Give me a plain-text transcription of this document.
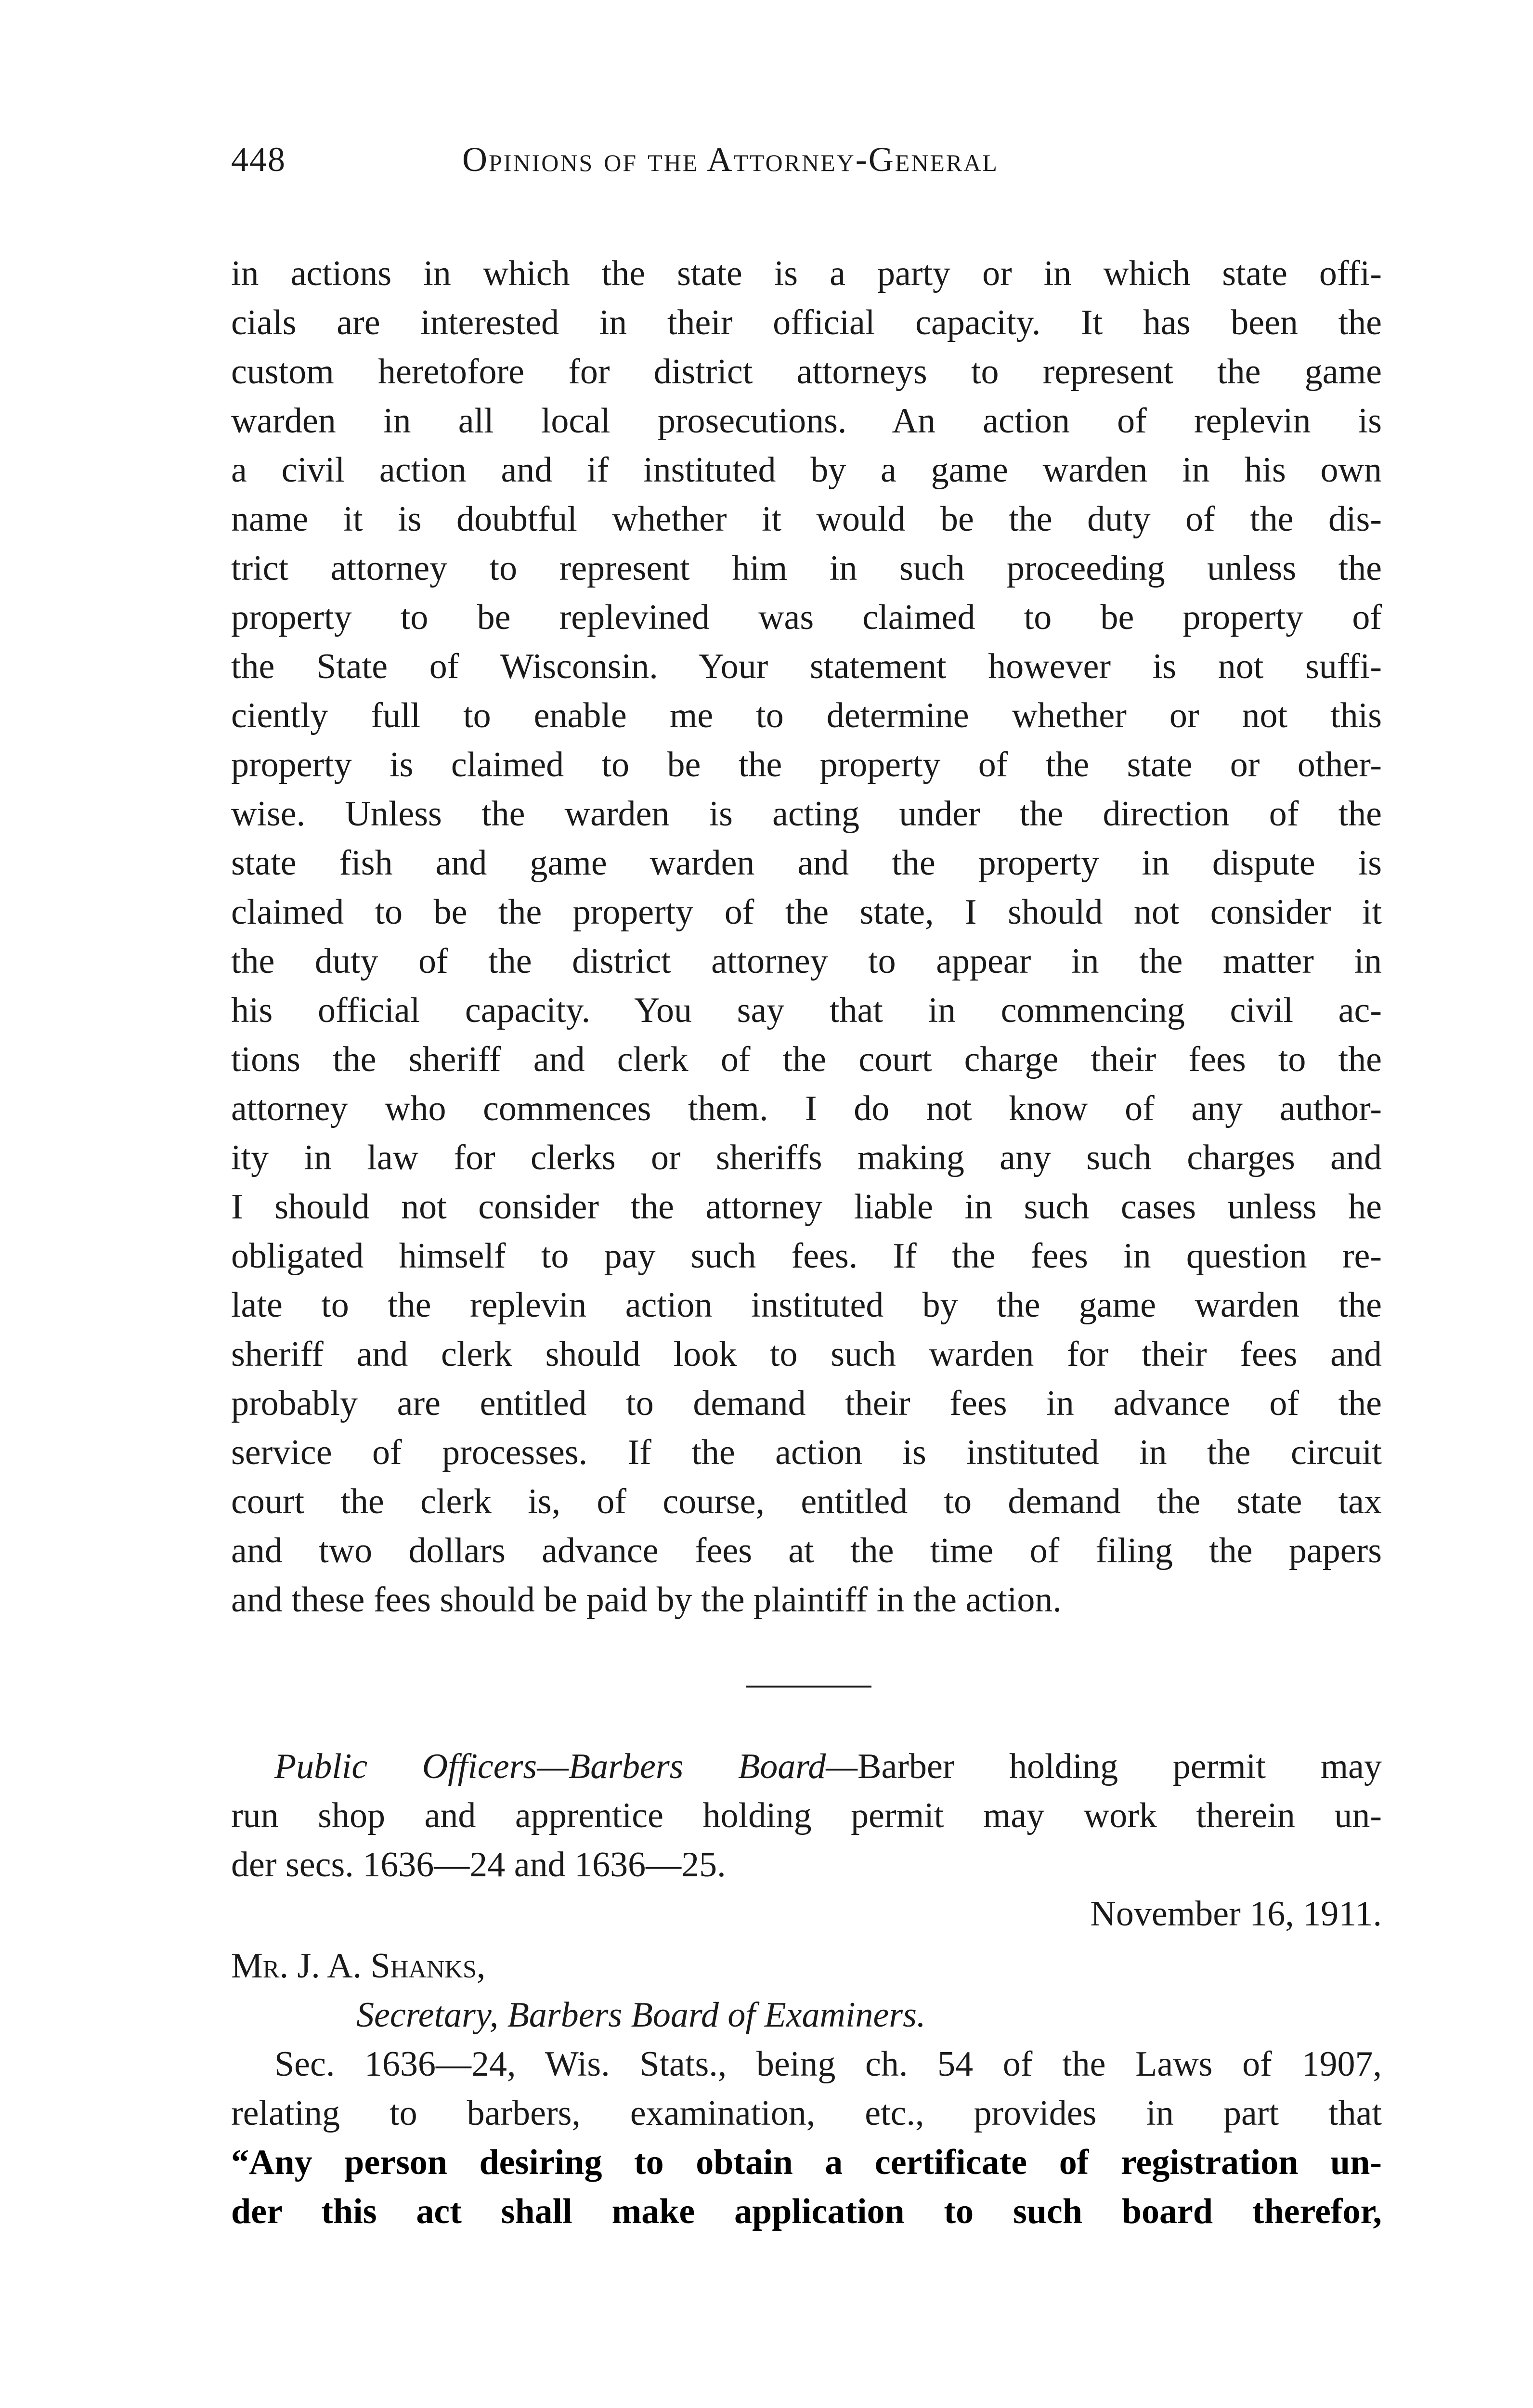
448	Opinions of the Attorney-General
in actions in which the state is a party or in which state offi-
cials are interested in their official capacity. It has been the
custom heretofore for district attorneys to represent the game
warden in all local prosecutions. An action of replevin is
a civil action and if instituted by a game warden in his own
name it is doubtful whether it would be the duty of the dis-
trict attorney to represent him in such proceeding unless the
property to be replevined was claimed to be property of
the State of Wisconsin. Your statement however is not suffi-
ciently full to enable me to determine whether or not this
property is claimed to be the property of the state or other-
wise. Unless the warden is acting under the direction of the
state fish and game warden and the property in dispute is
claimed to be the property of the state, I should not consider it
the duty of the district attorney to appear in the matter in
his official capacity. You say that in commencing civil ac-
tions the sheriff and clerk of the court charge their fees to the
attorney who commences them. I do not know of any author-
ity in law for clerks or sheriffs making any such charges and
I should not consider the attorney liable in such cases unless he
obligated himself to pay such fees. If the fees in question re-
late to the replevin action instituted by the game warden the
sheriff and clerk should look to such warden for their fees and
probably are entitled to demand their fees in advance of the
service of processes. If the action is instituted in the circuit
court the clerk is, of course, entitled to demand the state tax
and two dollars advance fees at the time of filing the papers
and these fees should be paid by the plaintiff in the action.
Public Officers—Barbers Board—Barber holding permit may
run shop and apprentice holding permit may work therein un-
der secs. 1636—24 and 1636—25.
November 16, 1911.
Mr. J. A. Shanks,
Secretary, Barbers Board of Examiners.
Sec. 1636—24, Wis. Stats., being ch. 54 of the Laws of 1907,
relating to barbers, examination, etc., provides in part that
“Any person desiring to obtain a certificate of registration un-
der this act shall make application to such board therefor,
